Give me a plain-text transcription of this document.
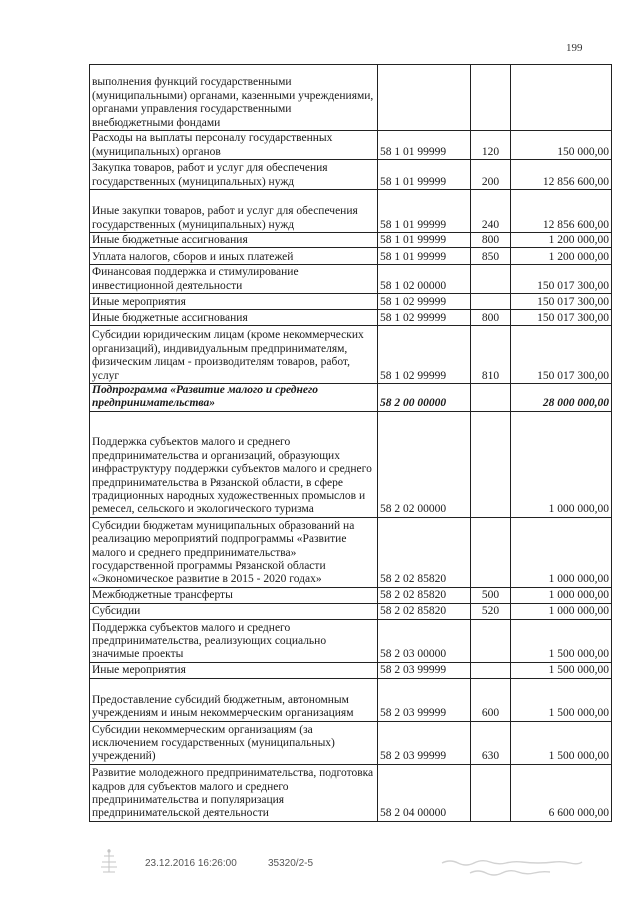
199
выполнения функций государственными (муниципальными) органами, казенными учреждениями, органами управления государственными внебюджетными фондами			
Расходы на выплаты персоналу государственных (муниципальных) органов	58 1 01 99999	120	150 000,00
Закупка товаров, работ и услуг для обеспечения государственных (муниципальных) нужд	58 1 01 99999	200	12 856 600,00
Иные закупки товаров, работ и услуг для обеспечения государственных (муниципальных) нужд	58 1 01 99999	240	12 856 600,00
Иные бюджетные ассигнования	58 1 01 99999	800	1 200 000,00
Уплата налогов, сборов и иных платежей	58 1 01 99999	850	1 200 000,00
Финансовая поддержка и стимулирование инвестиционной деятельности	58 1 02 00000		150 017 300,00
Иные мероприятия	58 1 02 99999		150 017 300,00
Иные бюджетные ассигнования	58 1 02 99999	800	150 017 300,00
Субсидии юридическим лицам (кроме некоммерческих организаций), индивидуальным предпринимателям, физическим лицам - производителям товаров, работ, услуг	58 1 02 99999	810	150 017 300,00
Подпрограмма «Развитие малого и среднего предпринимательства»	58 2 00 00000		28 000 000,00
Поддержка субъектов малого и среднего предпринимательства и организаций, образующих инфраструктуру поддержки субъектов малого и среднего предпринимательства в Рязанской области, в сфере традиционных народных художественных промыслов и ремесел, сельского и экологического туризма	58 2 02 00000		1 000 000,00
Субсидии бюджетам муниципальных образований на реализацию мероприятий подпрограммы «Развитие малого и среднего предпринимательства» государственной программы Рязанской области «Экономическое развитие в 2015 - 2020 годах»	58 2 02 85820		1 000 000,00
Межбюджетные трансферты	58 2 02 85820	500	1 000 000,00
Субсидии	58 2 02 85820	520	1 000 000,00
Поддержка субъектов малого и среднего предпринимательства, реализующих социально значимые проекты	58 2 03 00000		1 500 000,00
Иные мероприятия	58 2 03 99999		1 500 000,00
Предоставление субсидий бюджетным, автономным учреждениям и иным некоммерческим организациям	58 2 03 99999	600	1 500 000,00
Субсидии некоммерческим организациям (за исключением государственных (муниципальных) учреждений)	58 2 03 99999	630	1 500 000,00
Развитие молодежного предпринимательства, подготовка кадров для субъектов малого и среднего предпринимательства и популяризация предпринимательской деятельности	58 2 04 00000		6 600 000,00
23.12.2016 16:26:00	35320/2-5
